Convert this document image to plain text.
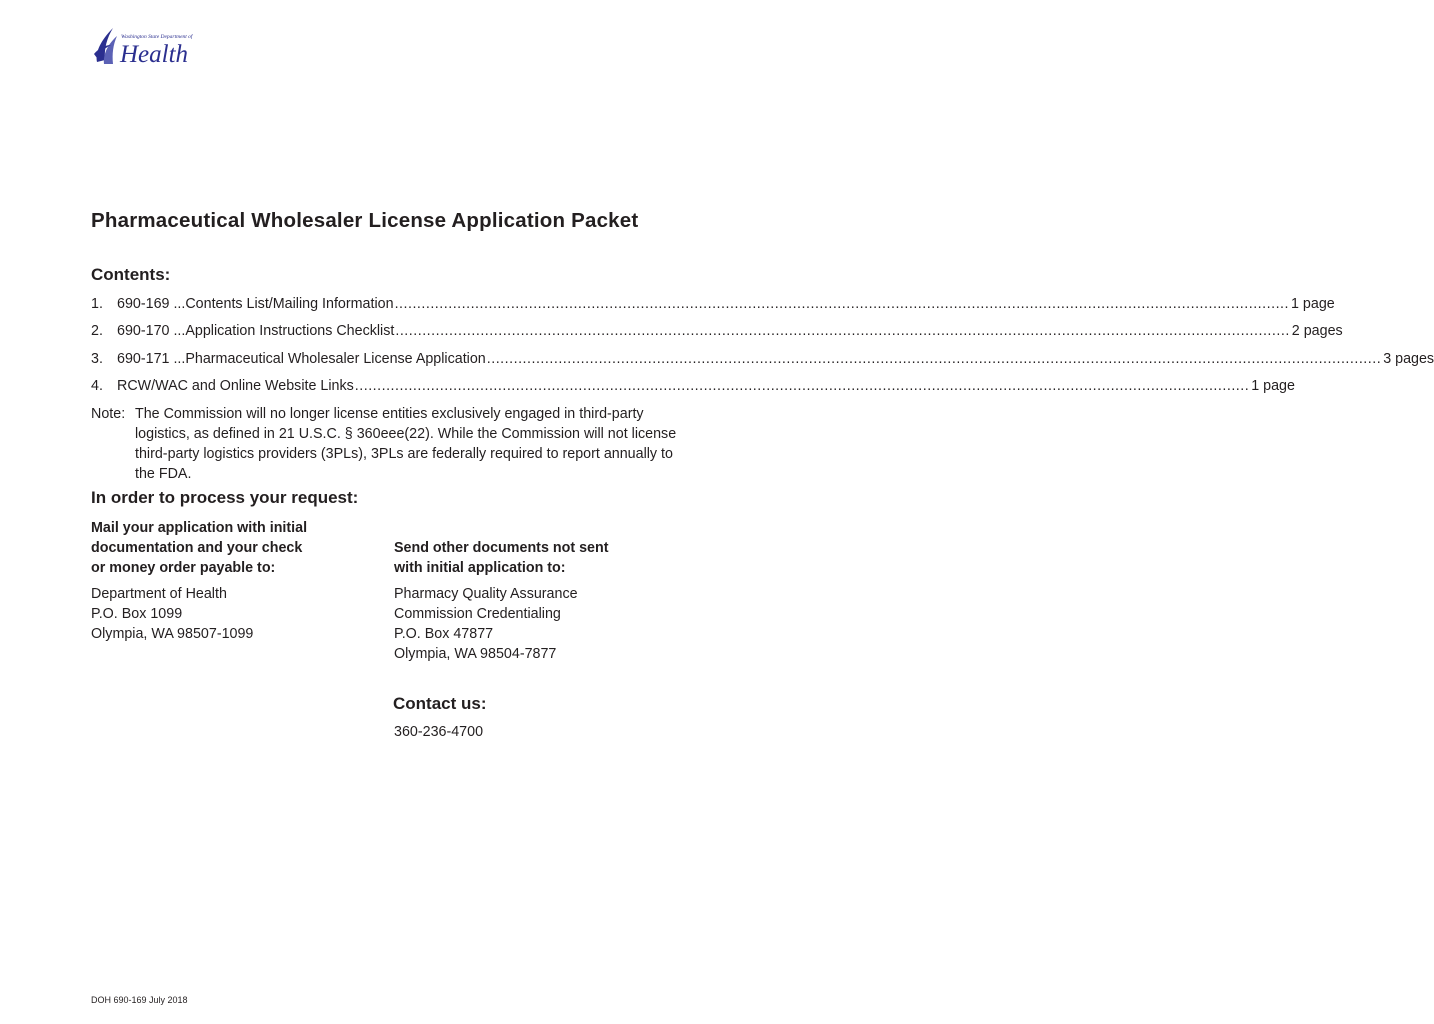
Washington State Department of
Health
Pharmaceutical Wholesaler License Application Packet
Contents:
1. 690-169 ... Contents List/Mailing Information ........................................................................................................................................................................................................ 1 page
2. 690-170 ... Application Instructions Checklist ........................................................................................................................................................................................................ 2 pages
3. 690-171 ... Pharmaceutical Wholesaler License Application ........................................................................................................................................................................................................ 3 pages
4. RCW/WAC and Online Website Links ........................................................................................................................................................................................................ 1 page
Note: The Commission will no longer license entities exclusively engaged in third-party logistics, as defined in 21 U.S.C. § 360eee(22). While the Commission will not license third-party logistics providers (3PLs), 3PLs are federally required to report annually to the FDA.
In order to process your request:
Mail your application with initial
documentation and your check
or money order payable to:
Send other documents not sent
with initial application to:
Department of Health
P.O. Box 1099
Olympia, WA 98507-1099
Pharmacy Quality Assurance
Commission Credentialing
P.O. Box 47877
Olympia, WA 98504-7877
Contact us:
360-236-4700
DOH 690-169 July 2018
